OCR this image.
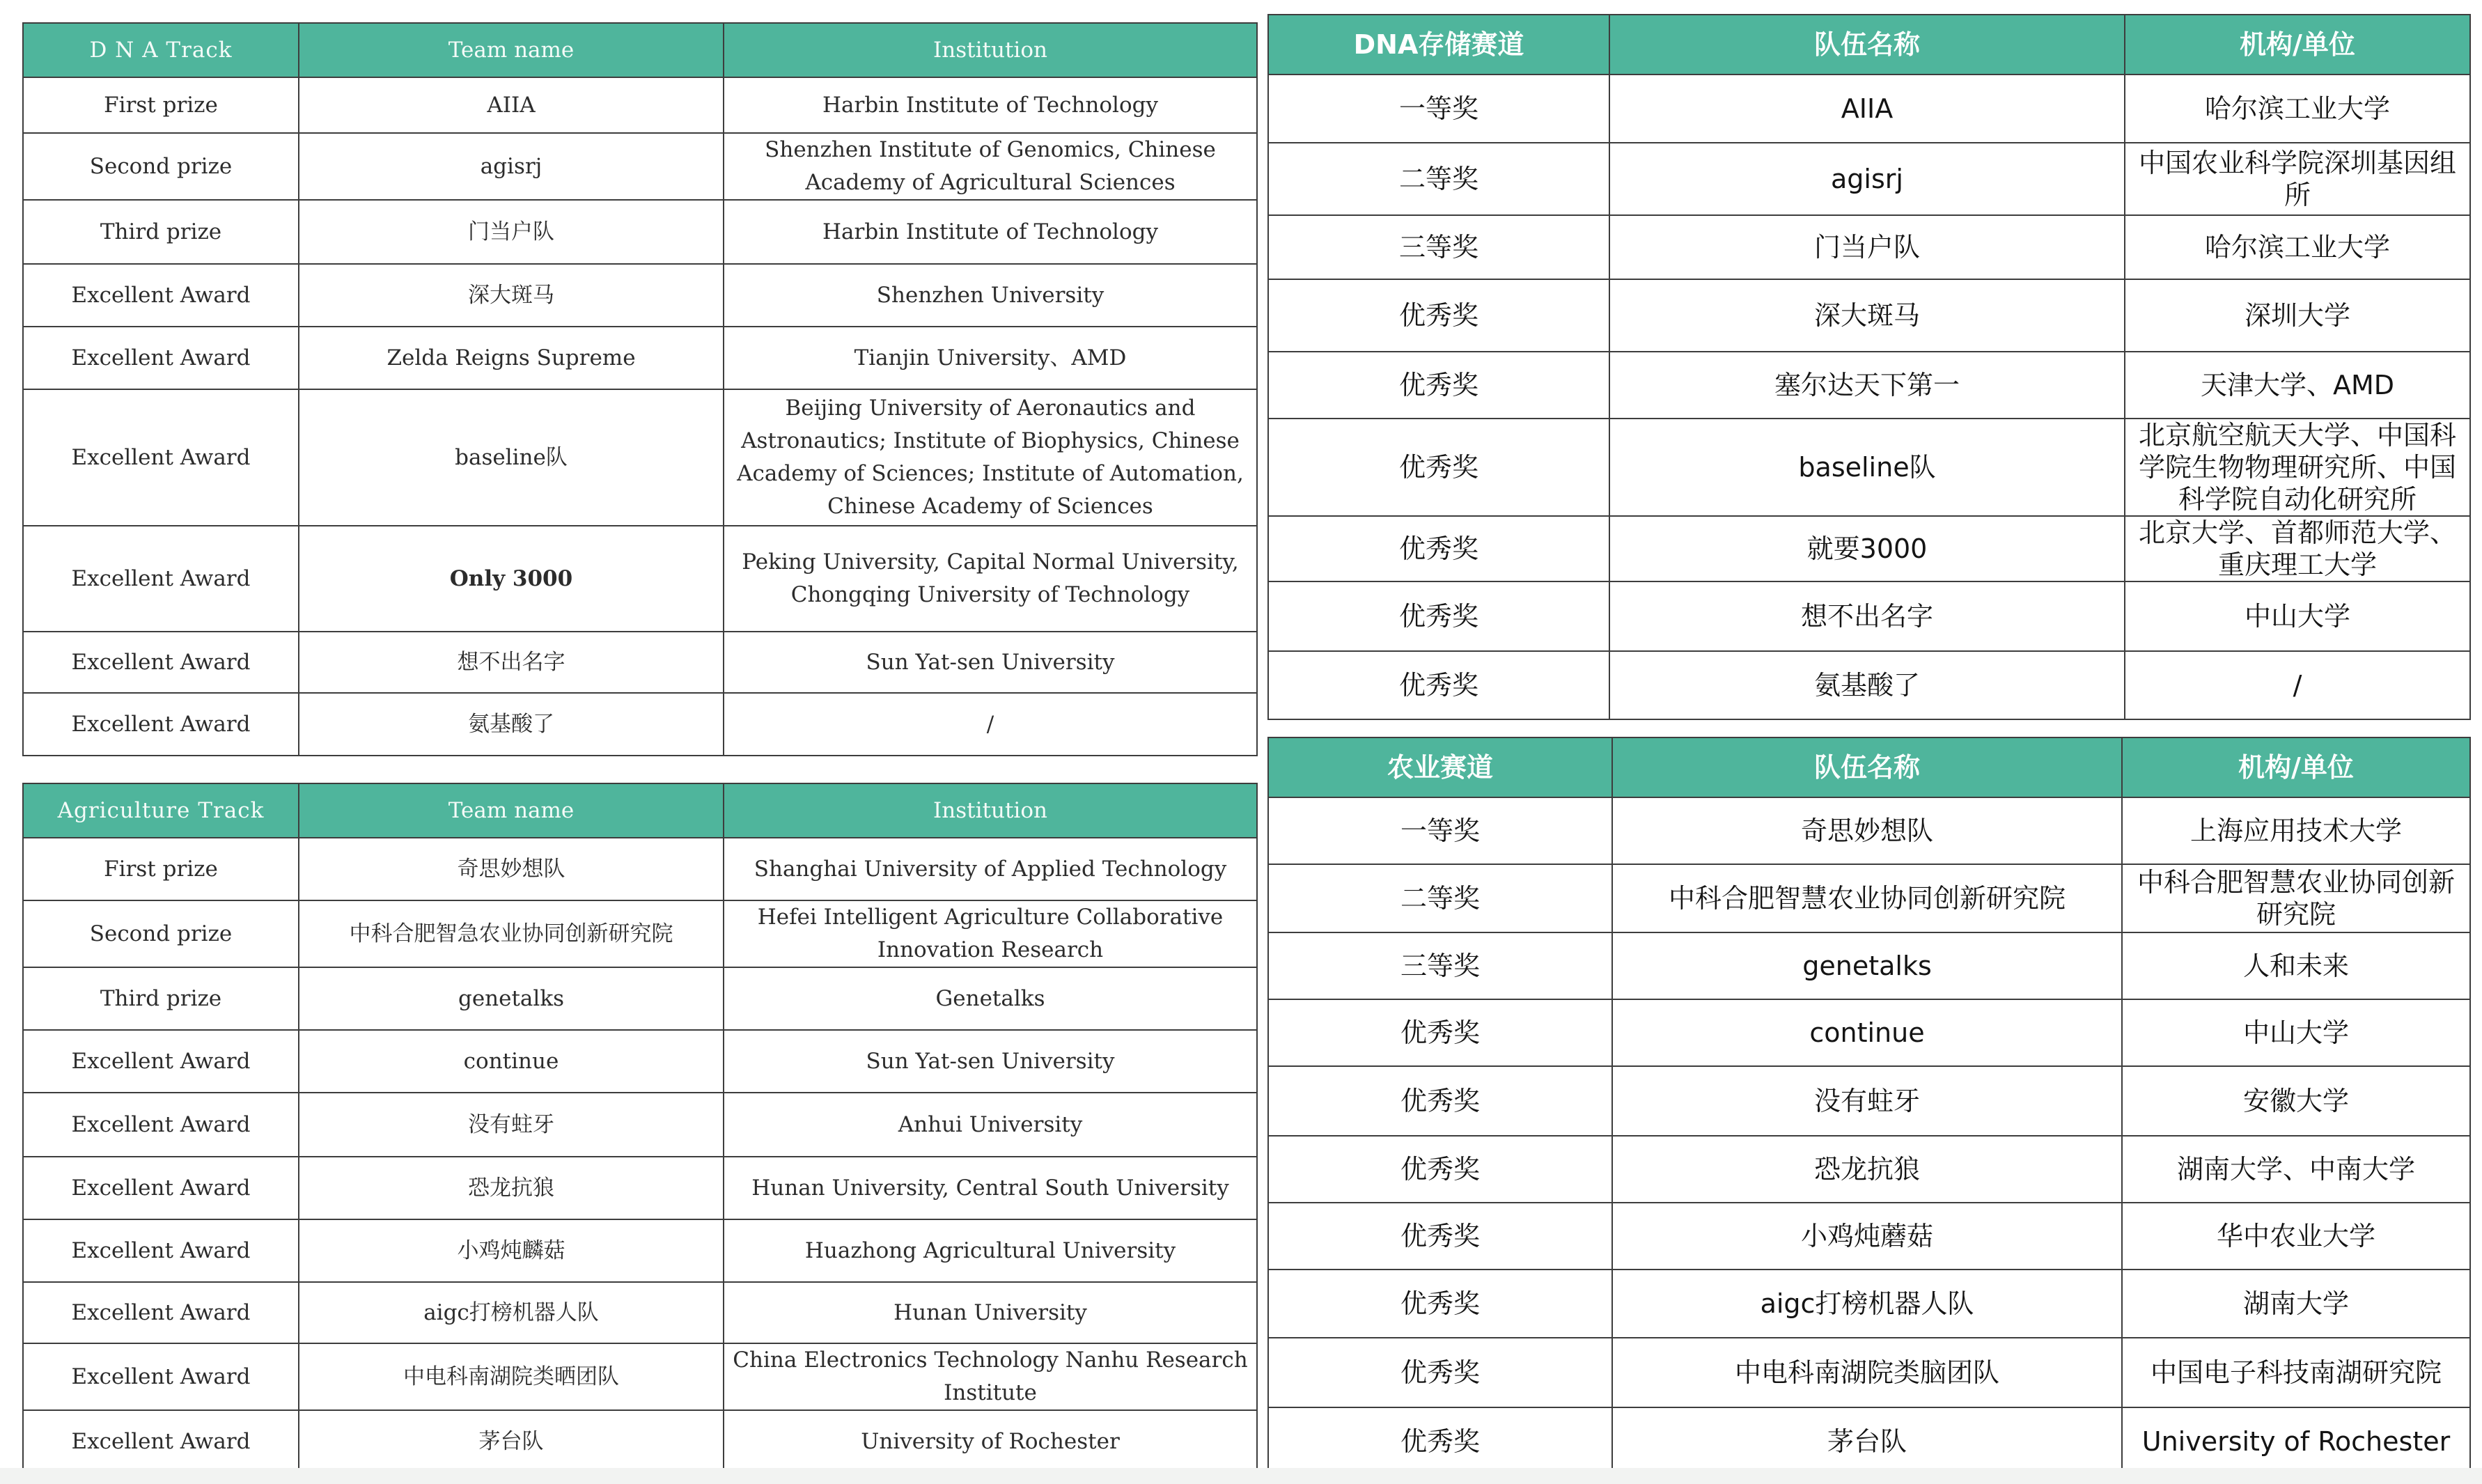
D N A Track	Team name	Institution
First prize	AIIA	Harbin Institute of Technology
Second prize	agisrj	Shenzhen Institute of Genomics, Chinese Academy of Agricultural Sciences
Third prize	门当户队	Harbin Institute of Technology
Excellent Award	深大斑马	Shenzhen University
Excellent Award	Zelda Reigns Supreme	Tianjin University、AMD
Excellent Award	baseline队	Beijing University of Aeronautics and Astronautics; Institute of Biophysics, Chinese Academy of Sciences; Institute of Automation, Chinese Academy of Sciences
Excellent Award	Only 3000	Peking University, Capital Normal University, Chongqing University of Technology
Excellent Award	想不出名字	Sun Yat-sen University
Excellent Award	氨基酸了	/
Agriculture Track	Team name	Institution
First prize	奇思妙想队	Shanghai University of Applied Technology
Second prize	中科合肥智急农业协同创新研究院	Hefei Intelligent Agriculture Collaborative Innovation Research
Third prize	genetalks	Genetalks
Excellent Award	continue	Sun Yat-sen University
Excellent Award	没有蛀牙	Anhui University
Excellent Award	恐龙抗狼	Hunan University, Central South University
Excellent Award	小鸡炖麟菇	Huazhong Agricultural University
Excellent Award	aigc打榜机器人队	Hunan University
Excellent Award	中电科南湖院类晒团队	China Electronics Technology Nanhu Research Institute
Excellent Award	茅台队	University of Rochester
DNA存储赛道	队伍名称	机构/单位
一等奖	AIIA	哈尔滨工业大学
二等奖	agisrj	中国农业科学院深圳基因组所
三等奖	门当户队	哈尔滨工业大学
优秀奖	深大斑马	深圳大学
优秀奖	塞尔达天下第一	天津大学、AMD
优秀奖	baseline队	北京航空航天大学、中国科学院生物物理研究所、中国科学院自动化研究所
优秀奖	就要3000	北京大学、首都师范大学、重庆理工大学
优秀奖	想不出名字	中山大学
优秀奖	氨基酸了	/
农业赛道	队伍名称	机构/单位
一等奖	奇思妙想队	上海应用技术大学
二等奖	中科合肥智慧农业协同创新研究院	中科合肥智慧农业协同创新研究院
三等奖	genetalks	人和未来
优秀奖	continue	中山大学
优秀奖	没有蛀牙	安徽大学
优秀奖	恐龙抗狼	湖南大学、中南大学
优秀奖	小鸡炖蘑菇	华中农业大学
优秀奖	aigc打榜机器人队	湖南大学
优秀奖	中电科南湖院类脑团队	中国电子科技南湖研究院
优秀奖	茅台队	University of Rochester
